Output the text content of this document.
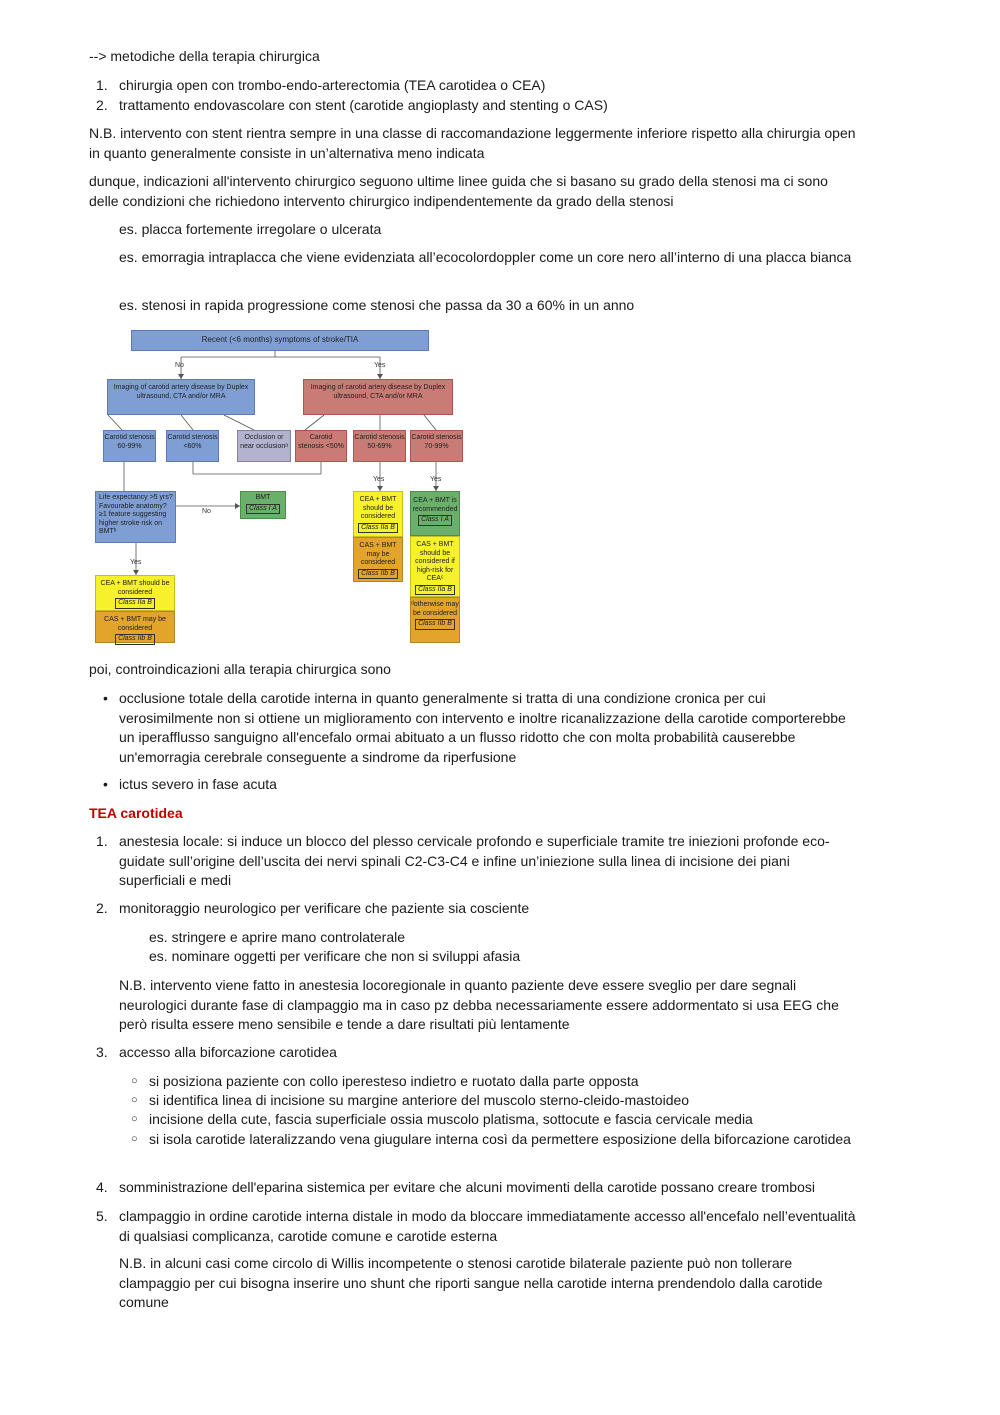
--> metodiche della terapia chirurgica

1. chirurgia open con trombo-endo-arterectomia (TEA carotidea o CEA)

2. trattamento endovascolare con stent (carotide angioplasty and stenting o CAS)

N.B. intervento con stent rientra sempre in una classe di raccomandazione leggermente inferiore rispetto alla chirurgia open in quanto generalmente consiste in un’alternativa meno indicata

dunque, indicazioni all'intervento chirurgico seguono ultime linee guida che si basano su grado della stenosi ma ci sono delle condizioni che richiedono intervento chirurgico indipendentemente da grado della stenosi

es. placca fortemente irregolare o ulcerata

es. emorragia intraplacca che viene evidenziata all’ecocolordoppler come un core nero all’interno di una placca bianca

es. stenosi in rapida progressione come stenosi che passa da 30 a 60% in un anno

Recent (<6 months) symptoms of stroke/TIA
No	Yes
Imaging of carotid artery disease by Duplex ultrasound, CTA and/or MRA
Imaging of carotid artery disease by Duplex ultrasound, CTA and/or MRA
Carotid stenosis 60-99%
Carotid stenosis <60%
Occlusion or near occlusionᵃ
Carotid stenosis <50%
Carotid stenosis 50-69%
Carotid stenosis 70-99%
Yes	Yes
Life expectancy >5 yrs? Favourable anatomy? ≥1 feature suggesting higher stroke risk on BMTᵇ
No
BMT
Class I A
CEA + BMT should be considered
Class IIa B
CAS + BMT may be considered
Class IIb B
CEA + BMT is recommended
Class I A
CAS + BMT should be considered if high-risk for CEAᶜ
Class IIa B
ᵈotherwise may be considered
Class IIb B
Yes
CEA + BMT should be considered
Class IIa B
CAS + BMT may be considered
Class IIb B

poi, controindicazioni alla terapia chirurgica sono

• occlusione totale della carotide interna in quanto generalmente si tratta di una condizione cronica per cui verosimilmente non si ottiene un miglioramento con intervento e inoltre ricanalizzazione della carotide comporterebbe un iperafflusso sanguigno all'encefalo ormai abituato a un flusso ridotto che con molta probabilità causerebbe un'emorragia cerebrale conseguente a sindrome da riperfusione

• ictus severo in fase acuta

TEA carotidea

1. anestesia locale: si induce un blocco del plesso cervicale profondo e superficiale tramite tre iniezioni profonde eco-guidate sull’origine dell’uscita dei nervi spinali C2-C3-C4 e infine un’iniezione sulla linea di incisione dei piani superficiali e medi

2. monitoraggio neurologico per verificare che paziente sia cosciente

es. stringere e aprire mano controlaterale

es. nominare oggetti per verificare che non si sviluppi afasia

N.B. intervento viene fatto in anestesia locoregionale in quanto paziente deve essere sveglio per dare segnali neurologici durante fase di clampaggio ma in caso pz debba necessariamente essere addormentato si usa EEG che però risulta essere meno sensibile e tende a dare risultati più lentamente

3. accesso alla biforcazione carotidea

○ si posiziona paziente con collo iperesteso indietro e ruotato dalla parte opposta

○ si identifica linea di incisione su margine anteriore del muscolo sterno-cleido-mastoideo

○ incisione della cute, fascia superficiale ossia muscolo platisma, sottocute e fascia cervicale media

○ si isola carotide lateralizzando vena giugulare interna così da permettere esposizione della biforcazione carotidea

4. somministrazione dell'eparina sistemica per evitare che alcuni movimenti della carotide possano creare trombosi

5. clampaggio in ordine carotide interna distale in modo da bloccare immediatamente accesso all'encefalo nell’eventualità di qualsiasi complicanza, carotide comune e carotide esterna

N.B. in alcuni casi come circolo di Willis incompetente o stenosi carotide bilaterale paziente può non tollerare clampaggio per cui bisogna inserire uno shunt che riporti sangue nella carotide interna prendendolo dalla carotide comune
